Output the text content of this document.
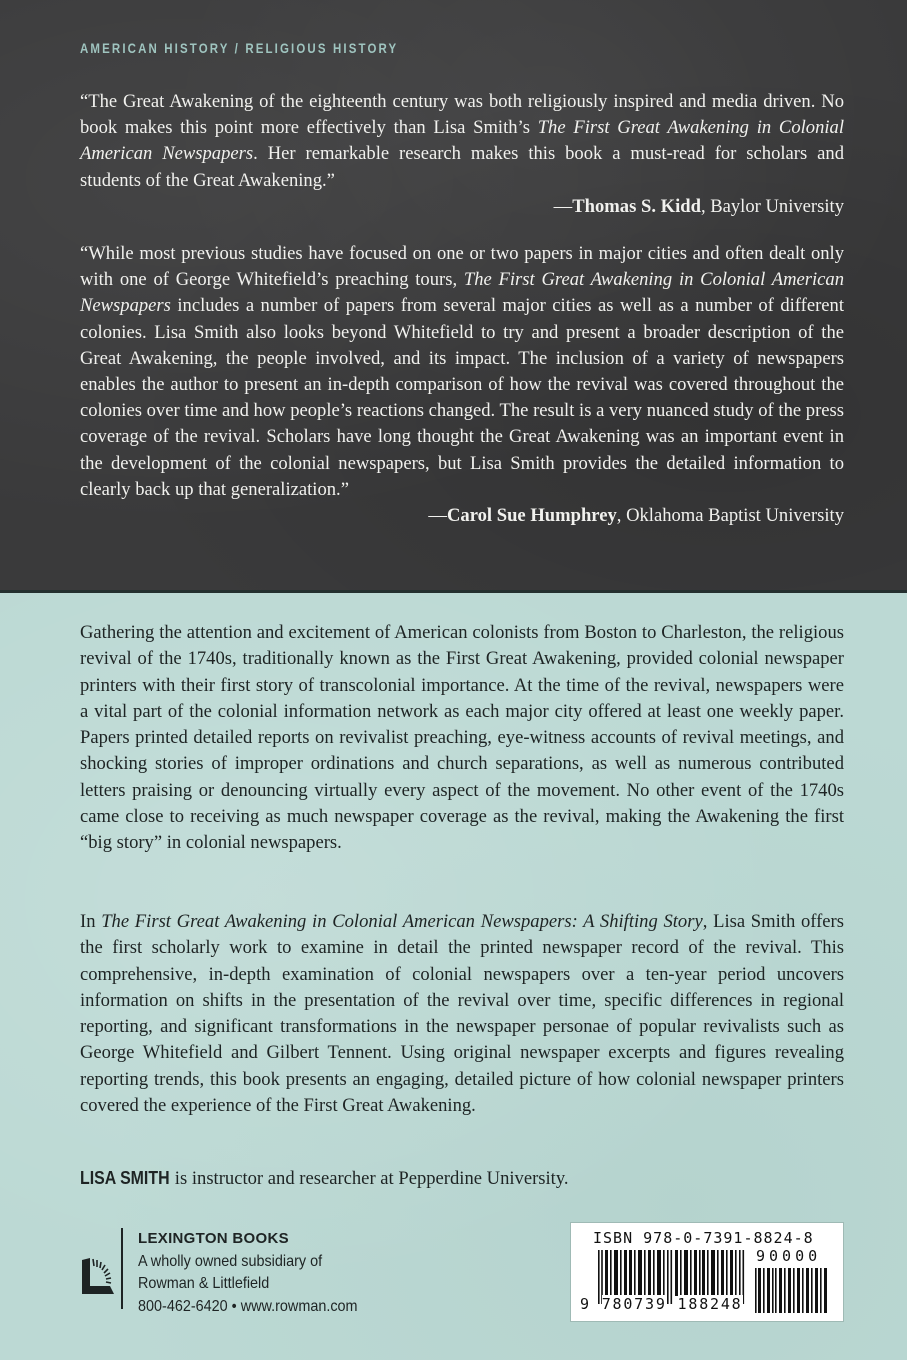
AMERICAN HISTORY / RELIGIOUS HISTORY
“The Great Awakening of the eighteenth century was both religiously inspired and media driven. No book makes this point more effectively than Lisa Smith’s The First Great Awakening in Colonial American Newspapers. Her remarkable research makes this book a must-read for scholars and students of the Great Awakening.”
—Thomas S. Kidd, Baylor University
“While most previous studies have focused on one or two papers in major cities and often dealt only with one of George Whitefield’s preaching tours, The First Great Awakening in Colonial American Newspapers includes a number of papers from several major cities as well as a number of different colonies. Lisa Smith also looks beyond Whitefield to try and present a broader description of the Great Awakening, the people involved, and its impact. The inclusion of a variety of newspapers enables the author to present an in-depth comparison of how the revival was covered throughout the colonies over time and how people’s reactions changed. The result is a very nuanced study of the press coverage of the revival. Scholars have long thought the Great Awakening was an important event in the development of the colonial newspapers, but Lisa Smith provides the detailed information to clearly back up that generalization.”
—Carol Sue Humphrey, Oklahoma Baptist University

Gathering the attention and excitement of American colonists from Boston to Charleston, the religious revival of the 1740s, traditionally known as the First Great Awakening, provided colonial newspaper printers with their first story of transcolonial importance. At the time of the revival, newspapers were a vital part of the colonial information network as each major city offered at least one weekly paper. Papers printed detailed reports on revivalist preaching, eye-witness accounts of revival meetings, and shocking stories of improper ordinations and church separations, as well as numerous contributed letters praising or denouncing virtually every aspect of the movement. No other event of the 1740s came close to receiving as much newspaper coverage as the revival, making the Awakening the first “big story” in colonial newspapers.

In The First Great Awakening in Colonial American Newspapers: A Shifting Story, Lisa Smith offers the first scholarly work to examine in detail the printed newspaper record of the revival. This comprehensive, in-depth examination of colonial newspapers over a ten-year period uncovers information on shifts in the presentation of the revival over time, specific differences in regional reporting, and significant transformations in the newspaper personae of popular revivalists such as George Whitefield and Gilbert Tennent. Using original newspaper excerpts and figures revealing reporting trends, this book presents an engaging, detailed picture of how colonial newspaper printers covered the experience of the First Great Awakening.

LISA SMITH is instructor and researcher at Pepperdine University.
LEXINGTON BOOKS
A wholly owned subsidiary of
Rowman & Littlefield
800-462-6420 • www.rowman.com
ISBN 978-0-7391-8824-8
90000
9 780739 188248
